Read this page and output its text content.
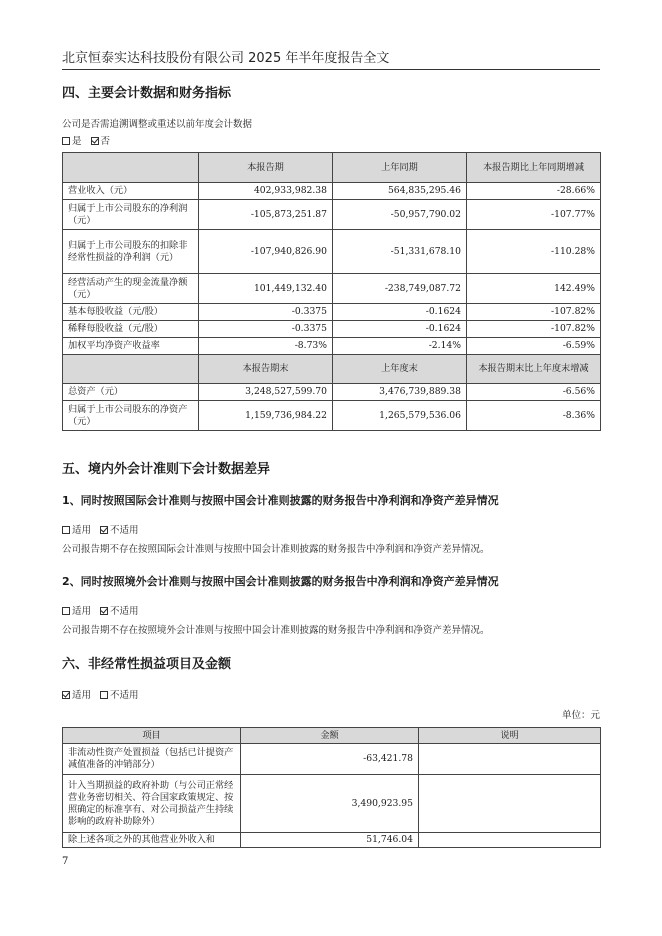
北京恒泰实达科技股份有限公司 2025 年半年度报告全文
四、主要会计数据和财务指标
公司是否需追溯调整或重述以前年度会计数据
是 否
	本报告期	上年同期	本报告期比上年同期增减
营业收入（元）	402,933,982.38	564,835,295.46	-28.66%
归属于上市公司股东的净利润（元）	-105,873,251.87	-50,957,790.02	-107.77%
归属于上市公司股东的扣除非经常性损益的净利润（元）	-107,940,826.90	-51,331,678.10	-110.28%
经营活动产生的现金流量净额（元）	101,449,132.40	-238,749,087.72	142.49%
基本每股收益（元/股）	-0.3375	-0.1624	-107.82%
稀释每股收益（元/股）	-0.3375	-0.1624	-107.82%
加权平均净资产收益率	-8.73%	-2.14%	-6.59%
	本报告期末	上年度末	本报告期末比上年度末增减
总资产（元）	3,248,527,599.70	3,476,739,889.38	-6.56%
归属于上市公司股东的净资产（元）	1,159,736,984.22	1,265,579,536.06	-8.36%
五、境内外会计准则下会计数据差异
1、同时按照国际会计准则与按照中国会计准则披露的财务报告中净利润和净资产差异情况
适用 不适用
公司报告期不存在按照国际会计准则与按照中国会计准则披露的财务报告中净利润和净资产差异情况。
2、同时按照境外会计准则与按照中国会计准则披露的财务报告中净利润和净资产差异情况
适用 不适用
公司报告期不存在按照境外会计准则与按照中国会计准则披露的财务报告中净利润和净资产差异情况。
六、非经常性损益项目及金额
适用 不适用
单位：元
项目	金额	说明
非流动性资产处置损益（包括已计提资产减值准备的冲销部分）	-63,421.78	
计入当期损益的政府补助（与公司正常经营业务密切相关、符合国家政策规定、按照确定的标准享有、对公司损益产生持续影响的政府补助除外）	3,490,923.95	
除上述各项之外的其他营业外收入和	51,746.04	
7
